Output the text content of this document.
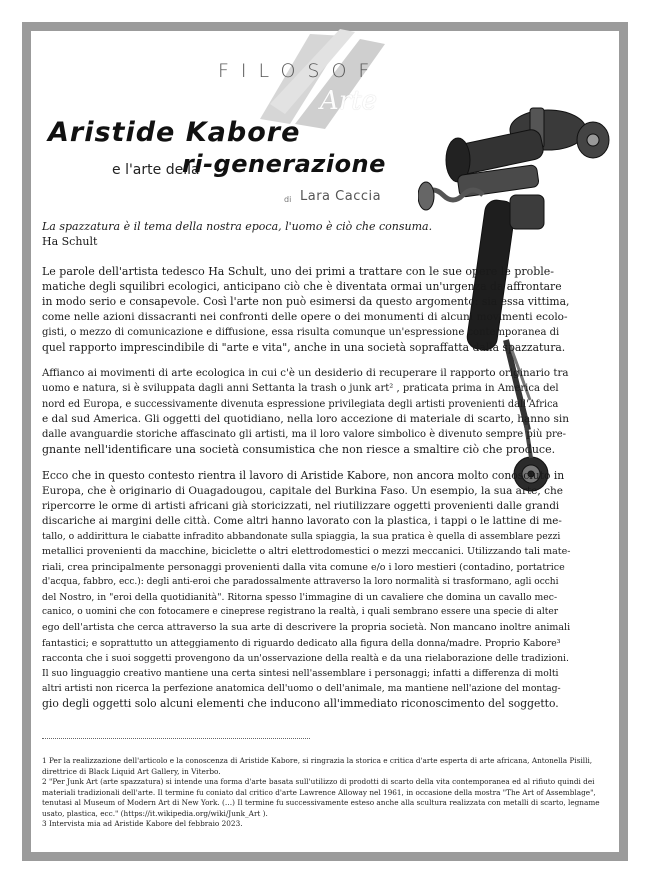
FILOSOF
Arte
Aristide Kabore
e l'arte della
ri-generazione
di Lara Caccia
La spazzatura è il tema della nostra epoca, l'uomo è ciò che consuma.
Ha Schult

Le parole dell'artista tedesco Ha Schult, uno dei primi a trattare con le sue opere le proble-
matiche degli squilibri ecologici, anticipano ciò che è diventata ormai un'urgenza da affrontare
in modo serio e consapevole. Così l'arte non può esimersi da questo argomento: sia essa vittima,
come nelle azioni dissacranti nei confronti delle opere o dei monumenti di alcuni movimenti ecolo-
gisti, o mezzo di comunicazione e diffusione, essa risulta comunque un'espressione contemporanea di
quel rapporto imprescindibile di "arte e vita", anche in una società sopraffatta dalla spazzatura.

Affianco ai movimenti di arte ecologica in cui c'è un desiderio di recuperare il rapporto originario tra
uomo e natura, si è sviluppata dagli anni Settanta la trash o junk art² , praticata prima in America del
nord ed Europa, e successivamente divenuta espressione privilegiata degli artisti provenienti dall'Africa
e dal sud America. Gli oggetti del quotidiano, nella loro accezione di materiale di scarto, hanno sin
dalle avanguardie storiche affascinato gli artisti, ma il loro valore simbolico è divenuto sempre più pre-
gnante nell'identificare una società consumistica che non riesce a smaltire ciò che produce.

Ecco che in questo contesto rientra il lavoro di Aristide Kabore, non ancora molto conosciuto in
Europa, che è originario di Ouagadougou, capitale del Burkina Faso. Un esempio, la sua arte, che
ripercorre le orme di artisti africani già storicizzati, nel riutilizzare oggetti provenienti dalle grandi
discariche ai margini delle città. Come altri hanno lavorato con la plastica, i tappi o le lattine di me-
tallo, o addirittura le ciabatte infradito abbandonate sulla spiaggia, la sua pratica è quella di assemblare pezzi
metallici provenienti da macchine, biciclette o altri elettrodomestici o mezzi meccanici. Utilizzando tali mate-
riali, crea principalmente personaggi provenienti dalla vita comune e/o i loro mestieri (contadino, portatrice
d'acqua, fabbro, ecc.): degli anti-eroi che paradossalmente attraverso la loro normalità si trasformano, agli occhi
del Nostro, in "eroi della quotidianità". Ritorna spesso l'immagine di un cavaliere che domina un cavallo mec-
canico, o uomini che con fotocamere e cineprese registrano la realtà, i quali sembrano essere una specie di alter
ego dell'artista che cerca attraverso la sua arte di descrivere la propria società. Non mancano inoltre animali
fantastici; e soprattutto un atteggiamento di riguardo dedicato alla figura della donna/madre. Proprio Kabore³
racconta che i suoi soggetti provengono da un'osservazione della realtà e da una rielaborazione delle tradizioni.
Il suo linguaggio creativo mantiene una certa sintesi nell'assemblare i personaggi; infatti a differenza di molti
altri artisti non ricerca la perfezione anatomica dell'uomo o dell'animale, ma mantiene nell'azione del montag-
gio degli oggetti solo alcuni elementi che inducono all'immediato riconoscimento del soggetto.

1 Per la realizzazione dell'articolo e la conoscenza di Aristide Kabore, si ringrazia la storica e critica d'arte esperta di arte africana, Antonella Pisilli, direttrice di Black Liquid Art Gallery, in Viterbo.

2 "Per Junk Art (arte spazzatura) si intende una forma d'arte basata sull'utilizzo di prodotti di scarto della vita contemporanea ed al rifiuto quindi dei materiali tradizionali dell'arte. Il termine fu coniato dal critico d'arte Lawrence Alloway nel 1961, in occasione della mostra "The Art of Assemblage", tenutasi al Museum of Modern Art di New York. (…) Il termine fu successivamente esteso anche alla scultura realizzata con metalli di scarto, legname usato, plastica, ecc." (https://it.wikipedia.org/wiki/Junk_Art ).

3 Intervista mia ad Aristide Kabore del febbraio 2023.
